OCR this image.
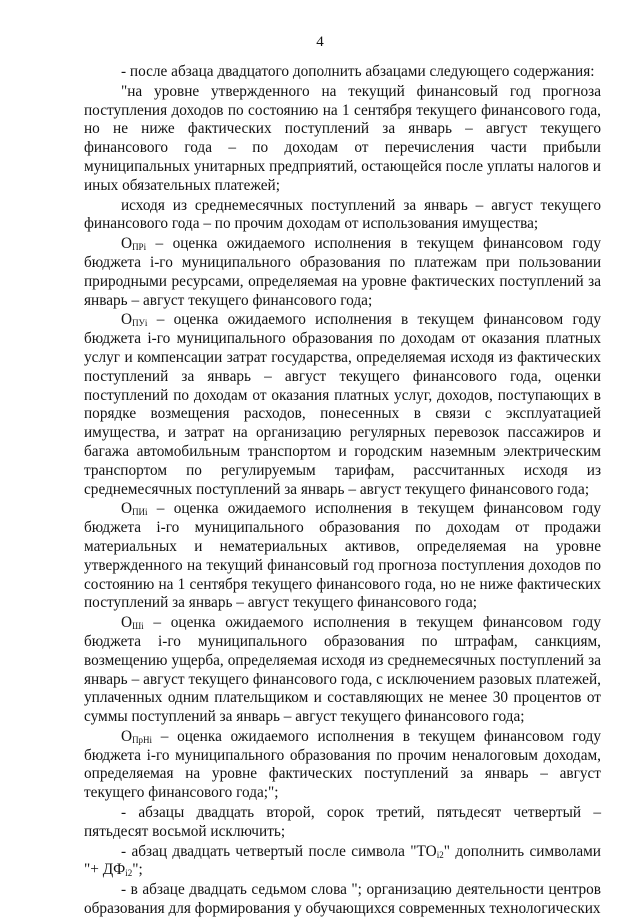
4

- после абзаца двадцатого дополнить абзацами следующего содержания:

"на уровне утвержденного на текущий финансовый год прогноза поступления доходов по состоянию на 1 сентября текущего финансового года, но не ниже фактических поступлений за январь – август текущего финансового года – по доходам от перечисления части прибыли муниципальных унитарных предприятий, остающейся после уплаты налогов и иных обязательных платежей;

исходя из среднемесячных поступлений за январь – август текущего финансового года – по прочим доходам от использования имущества;

$О_{ПРi}$ – оценка ожидаемого исполнения в текущем финансовом году бюджета i-го муниципального образования по платежам при пользовании природными ресурсами, определяемая на уровне фактических поступлений за январь – август текущего финансового года;

$О_{ПУi}$ – оценка ожидаемого исполнения в текущем финансовом году бюджета i-го муниципального образования по доходам от оказания платных услуг и компенсации затрат государства, определяемая исходя из фактических поступлений за январь – август текущего финансового года, оценки поступлений по доходам от оказания платных услуг, доходов, поступающих в порядке возмещения расходов, понесенных в связи с эксплуатацией имущества, и затрат на организацию регулярных перевозок пассажиров и багажа автомобильным транспортом и городским наземным электрическим транспортом по регулируемым тарифам, рассчитанных исходя из среднемесячных поступлений за январь – август текущего финансового года;

$О_{ПИi}$ – оценка ожидаемого исполнения в текущем финансовом году бюджета i-го муниципального образования по доходам от продажи материальных и нематериальных активов, определяемая на уровне утвержденного на текущий финансовый год прогноза поступления доходов по состоянию на 1 сентября текущего финансового года, но не ниже фактических поступлений за январь – август текущего финансового года;

$О_{Шi}$ – оценка ожидаемого исполнения в текущем финансовом году бюджета i-го муниципального образования по штрафам, санкциям, возмещению ущерба, определяемая исходя из среднемесячных поступлений за январь – август текущего финансового года, с исключением разовых платежей, уплаченных одним плательщиком и составляющих не менее 30 процентов от суммы поступлений за январь – август текущего финансового года;

$О_{ПрНi}$ – оценка ожидаемого исполнения в текущем финансовом году бюджета i-го муниципального образования по прочим неналоговым доходам, определяемая на уровне фактических поступлений за январь – август текущего финансового года;";

- абзацы двадцать второй, сорок третий, пятьдесят четвертый – пятьдесят восьмой исключить;

- абзац двадцать четвертый после символа "$ТО_{i2}$" дополнить символами "+ $ДФ_{i2}$";

- в абзаце двадцать седьмом слова "; организацию деятельности центров образования для формирования у обучающихся современных технологических
